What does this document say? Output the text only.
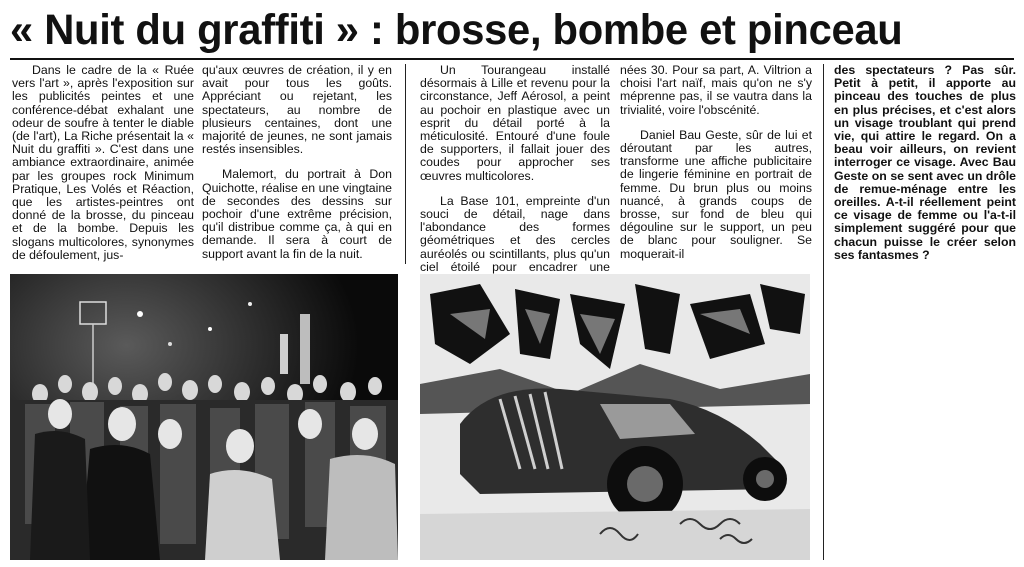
« Nuit du graffiti » : brosse, bombe et pinceau

Dans le cadre de la « Ruée vers l'art », après l'exposition sur les publicités peintes et une conférence-débat exhalant une odeur de soufre à tenter le diable (de l'art), La Riche présentait la « Nuit du graffiti ». C'est dans une ambiance extraordinaire, animée par les groupes rock Minimum Pratique, Les Volés et Réaction, que les artistes-peintres ont donné de la brosse, du pinceau et de la bombe. Depuis les slogans multicolores, synonymes de défoulement, jus-

qu'aux œuvres de création, il y en avait pour tous les goûts. Appréciant ou rejetant, les spectateurs, au nombre de plusieurs centaines, dont une majorité de jeunes, ne sont jamais restés insensibles.

Malemort, du portrait à Don Quichotte, réalise en une vingtaine de secondes des dessins sur pochoir d'une extrême précision, qu'il distribue comme ça, à qui en demande. Il sera à court de support avant la fin de la nuit.

Un Tourangeau installé désormais à Lille et revenu pour la circonstance, Jeff Aérosol, a peint au pochoir en plastique avec un esprit du détail porté à la méticulosité. Entouré d'une foule de supporters, il fallait jouer des coudes pour approcher ses œuvres multicolores.

La Base 101, empreinte d'un souci de détail, nage dans l'abondance des formes géométriques et des cercles auréolés ou scintillants, plus qu'un ciel étoilé pour encadrer une

nées 30. Pour sa part, A. Viltrion a choisi l'art naïf, mais qu'on ne s'y méprenne pas, il se vautra dans la trivialité, voire l'obscénité.

Daniel Bau Geste, sûr de lui et déroutant par les autres, transforme une affiche publicitaire de lingerie féminine en portrait de femme. Du brun plus ou moins nuancé, à grands coups de brosse, sur fond de bleu qui dégouline sur le support, un peu de blanc pour souligner. Se moquerait-il

des spectateurs ? Pas sûr. Petit à petit, il apporte au pinceau des touches de plus en plus précises, et c'est alors un visage troublant qui prend vie, qui attire le regard. On a beau voir ailleurs, on revient interroger ce visage. Avec Bau Geste on se sent avec un drôle de remue-ménage entre les oreilles. A-t-il réellement peint ce visage de femme ou l'a-t-il simplement suggéré pour que chacun puisse le créer selon ses fantasmes ?
